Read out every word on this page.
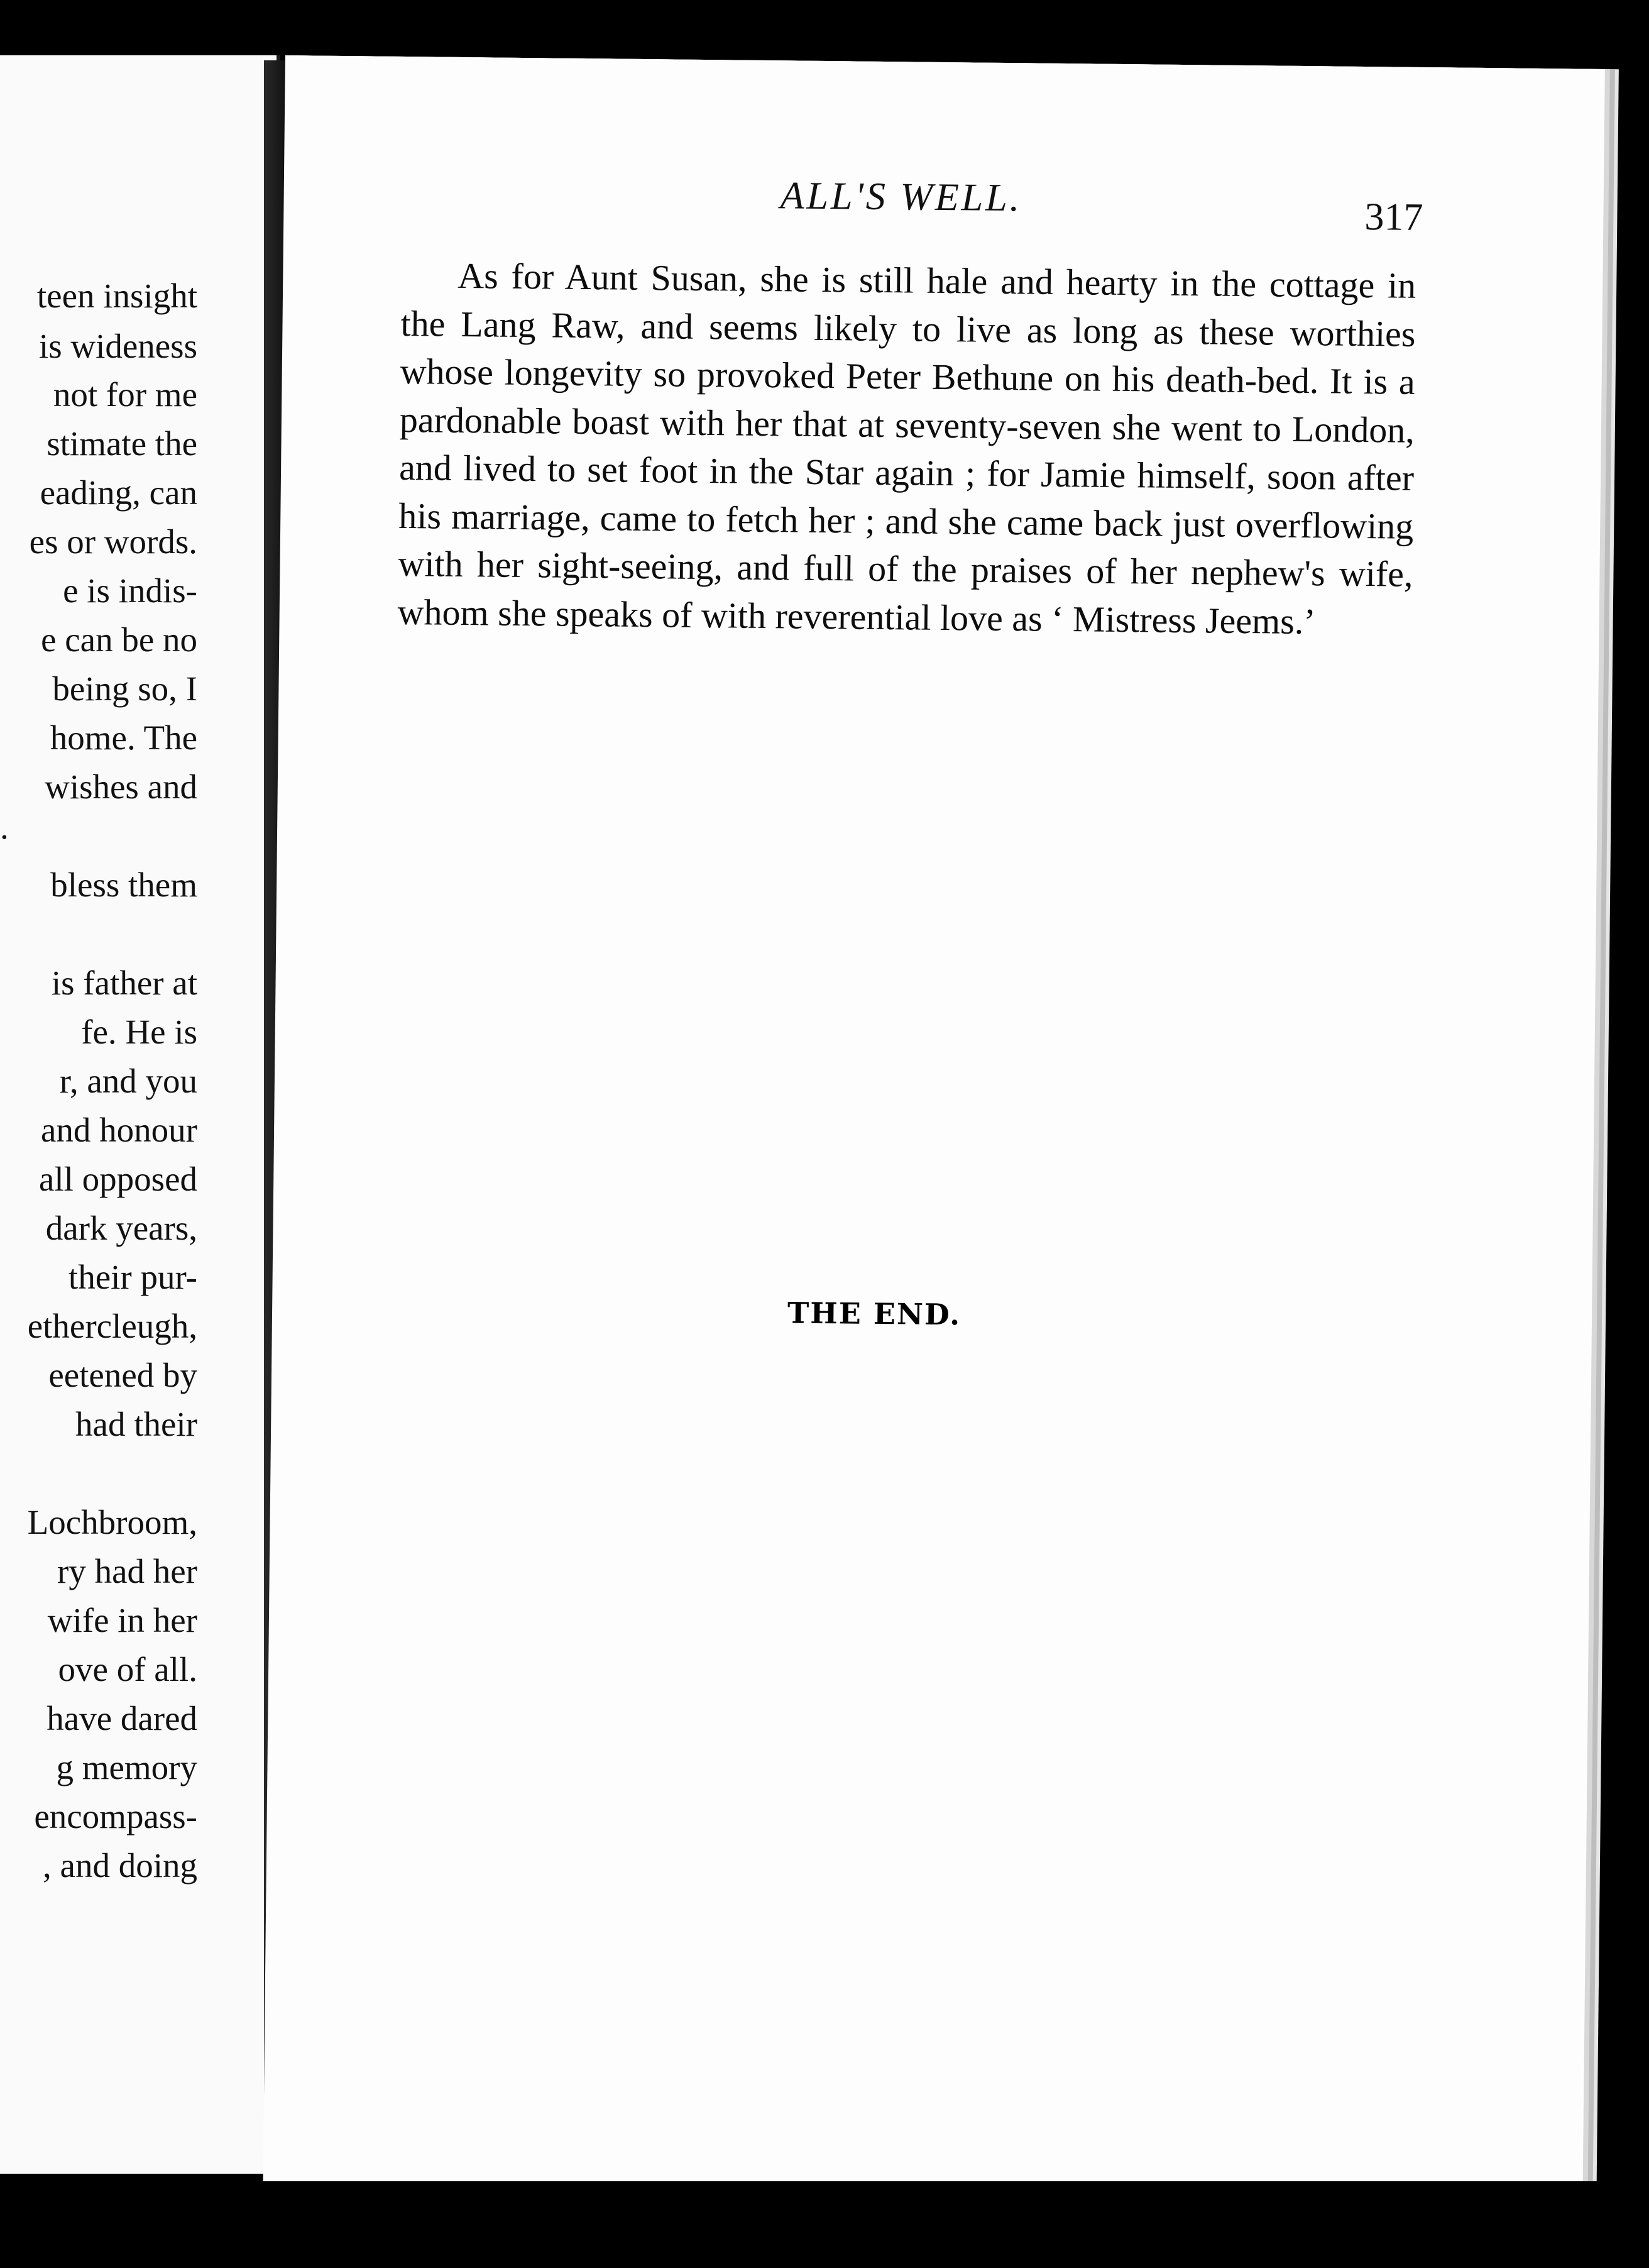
teen insight
is wideness
not for me
stimate the
eading, can
es or words.
e is indis-
e can be no
being so, I
home. The
wishes and
.
bless them
is father at
fe. He is
r, and you
and honour
all opposed
dark years,
their pur-
ethercleugh,
eetened by
had their
Lochbroom,
ry had her
wife in her
ove of all.
have dared
g memory
encompass-
, and doing
ALL'S WELL.	317

As for Aunt Susan, she is still hale and hearty in the cottage in the Lang Raw, and seems likely to live as long as these worthies whose longevity so provoked Peter Bethune on his death-bed. It is a pardonable boast with her that at seventy-seven she went to London, and lived to set foot in the Star again ; for Jamie himself, soon after his marriage, came to fetch her ; and she came back just overflowing with her sight-seeing, and full of the praises of her nephew's wife, whom she speaks of with reverential love as ‘ Mistress Jeems.’

THE END.
